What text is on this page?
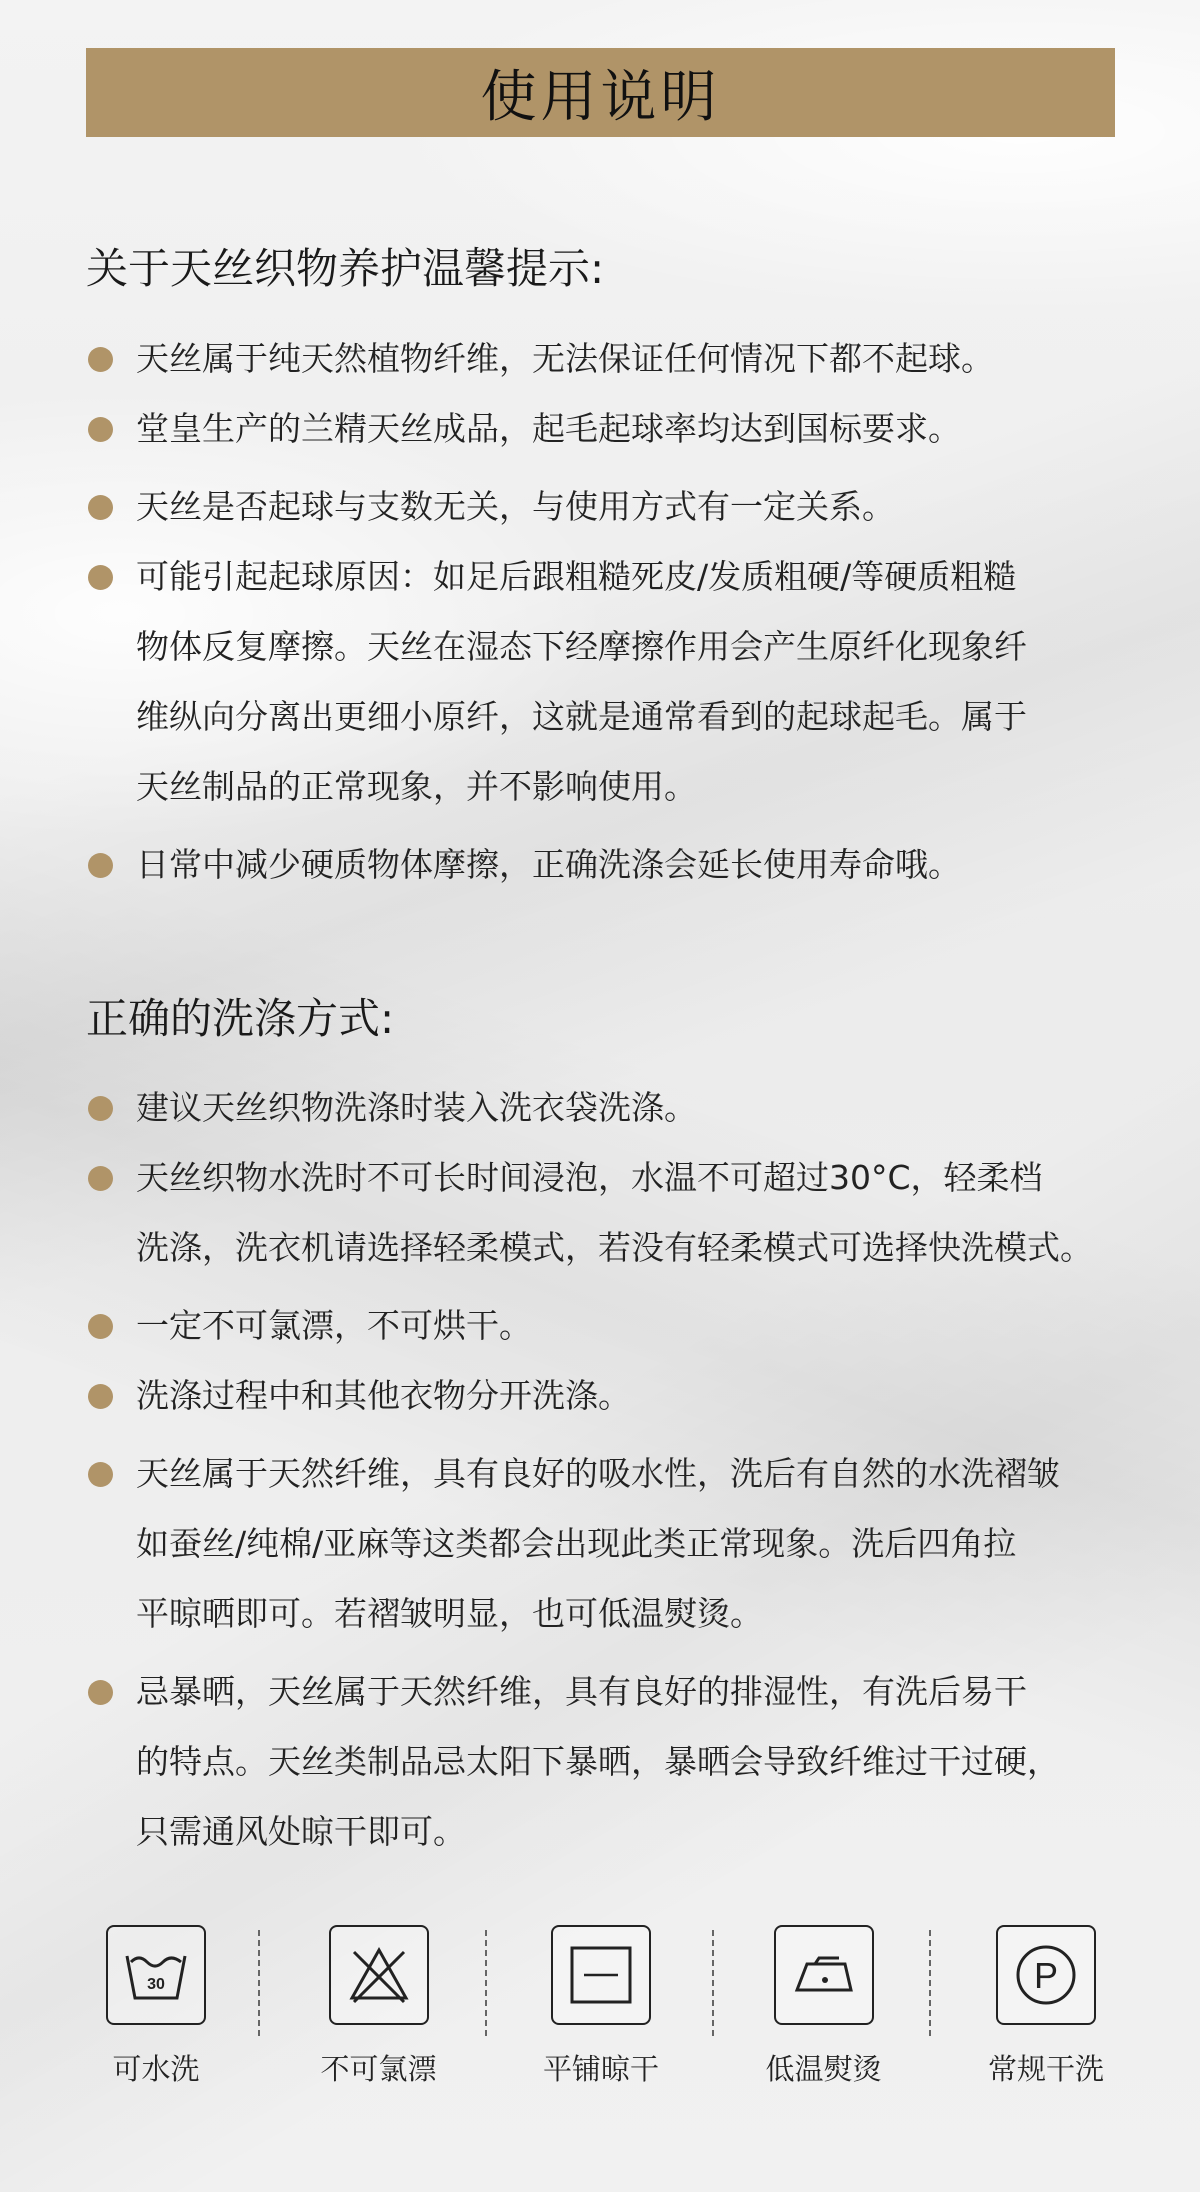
使用说明
关于天丝织物养护温馨提示:
天丝属于纯天然植物纤维，无法保证任何情况下都不起球。
堂皇生产的兰精天丝成品，起毛起球率均达到国标要求。
天丝是否起球与支数无关，与使用方式有一定关系。
可能引起起球原因：如足后跟粗糙死皮/发质粗硬/等硬质粗糙
物体反复摩擦。天丝在湿态下经摩擦作用会产生原纤化现象纤
维纵向分离出更细小原纤，这就是通常看到的起球起毛。属于
天丝制品的正常现象，并不影响使用。
日常中减少硬质物体摩擦，正确洗涤会延长使用寿命哦。
正确的洗涤方式:
建议天丝织物洗涤时装入洗衣袋洗涤。
天丝织物水洗时不可长时间浸泡，水温不可超过30°C，轻柔档
洗涤，洗衣机请选择轻柔模式，若没有轻柔模式可选择快洗模式。
一定不可氯漂，不可烘干。
洗涤过程中和其他衣物分开洗涤。
天丝属于天然纤维，具有良好的吸水性，洗后有自然的水洗褶皱
如蚕丝/纯棉/亚麻等这类都会出现此类正常现象。洗后四角拉
平晾晒即可。若褶皱明显，也可低温熨烫。
忌暴晒，天丝属于天然纤维，具有良好的排湿性，有洗后易干
的特点。天丝类制品忌太阳下暴晒，暴晒会导致纤维过干过硬，
只需通风处晾干即可。
30
可水洗	不可氯漂	平铺晾干	低温熨烫
P
常规干洗
